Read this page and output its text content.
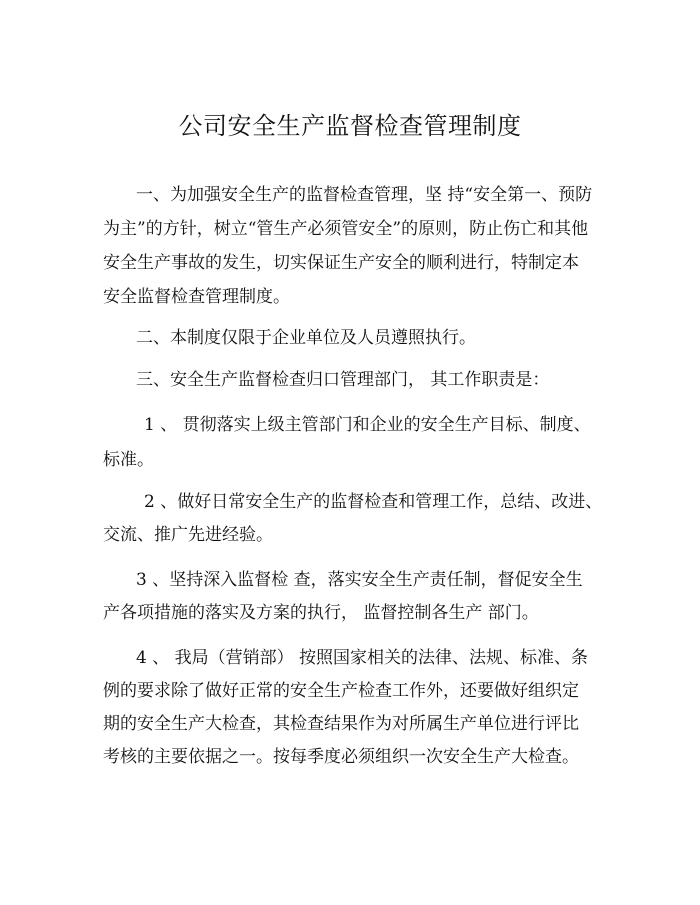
公司安全生产监督检查管理制度

一、为加强安全生产的监督检查管理，坚 持“安全第一、预防

为主”的方针，树立“管生产必须管安全”的原则，防止伤亡和其他

安全生产事故的发生，切实保证生产安全的顺利进行，特制定本

安全监督检查管理制度。

二、本制度仅限于企业单位及人员遵照执行。

三、安全生产监督检查归口管理部门， 其工作职责是：

1 、 贯彻落实上级主管部门和企业的安全生产目标、制度、

标准。

2 、做好日常安全生产的监督检查和管理工作，总结、改进、

交流、推广先进经验。

3 、坚持深入监督检 查，落实安全生产责任制，督促安全生

产各项措施的落实及方案的执行， 监督控制各生产 部门。

4 、 我局（营销部） 按照国家相关的法律、法规、标准、条

例的要求除了做好正常的安全生产检查工作外，还要做好组织定

期的安全生产大检查，其检查结果作为对所属生产单位进行评比

考核的主要依据之一。按每季度必须组织一次安全生产大检查。
